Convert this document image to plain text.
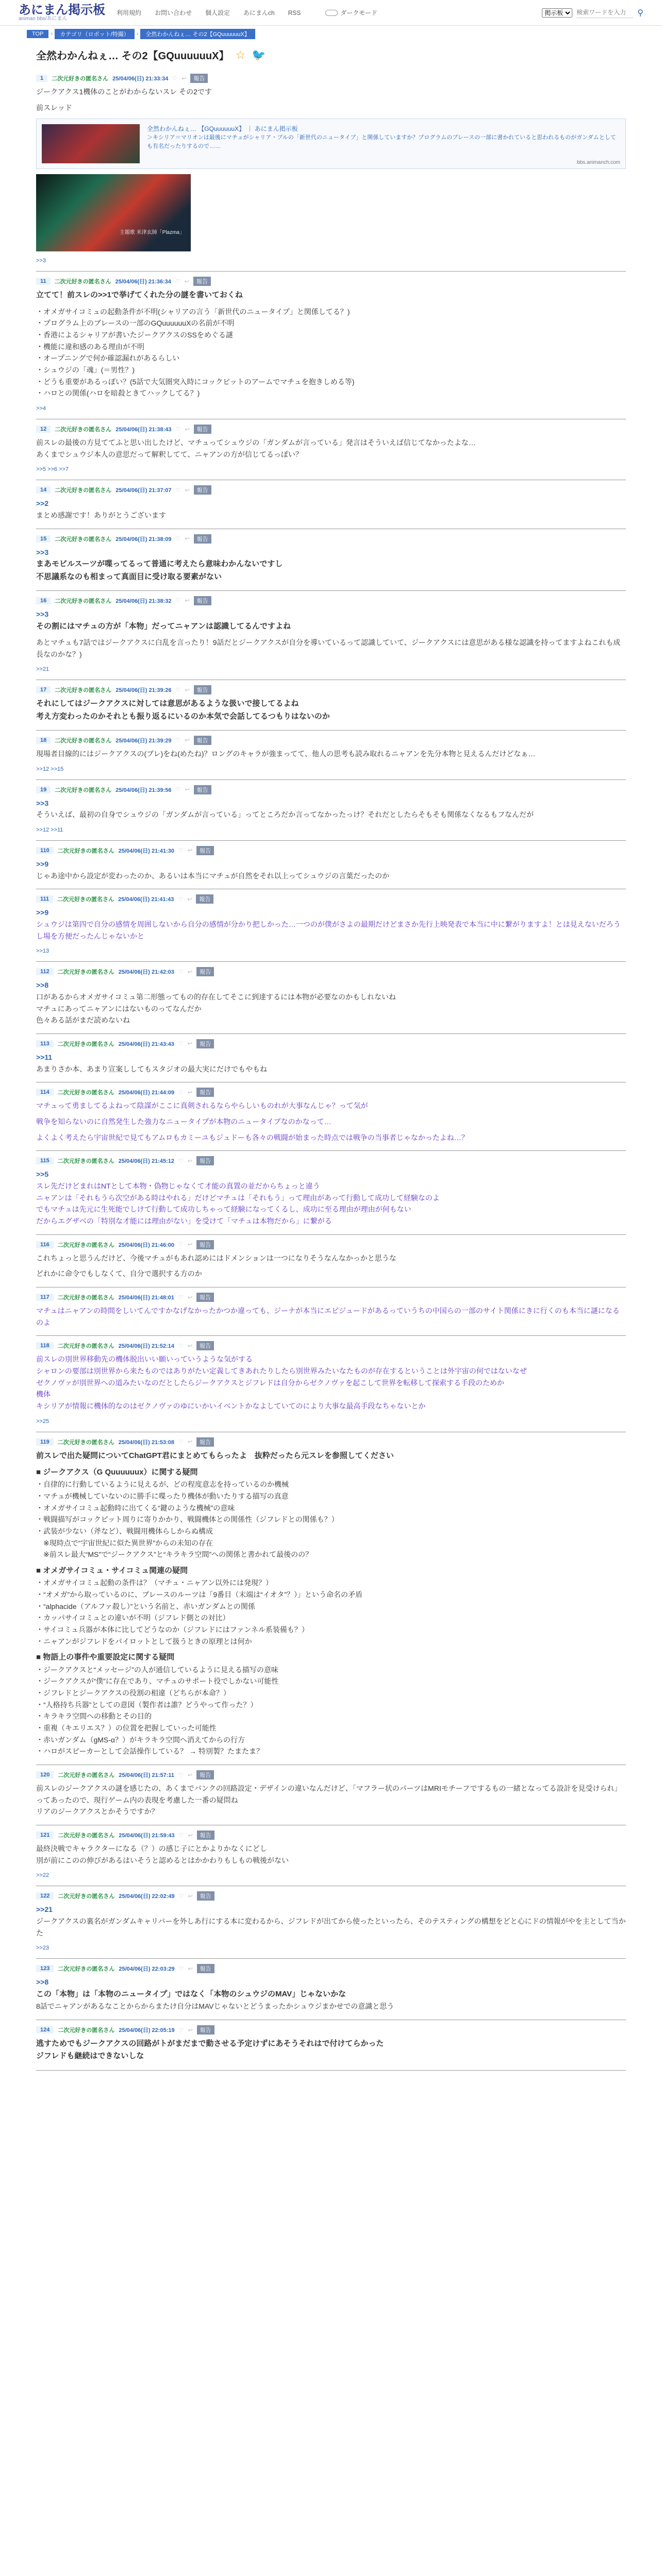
あにまん掲示板
animan bbs/あにまん
利用規約 お問い合わせ 個人設定 あにまんch RSS	ダークモード
掲示板
検索ワードを入力	⚲
TOP	›	カテゴリ（ロボット/特撮）	›	全然わかんねぇ… その2【GQuuuuuuX】
全然わかんねぇ… その2【GQuuuuuuX】 ☆ 🐦
1	二次元好きの匿名さん 25/04/06(日) 21:33:34 ♡ ↩	報告
ジークアクス1機体のことがわからないスレ その2です
前スレッド
全然わかんねぇ… 【GQuuuuuuX】 ｜ あにまん掲示板
＞キシリア＝マリオンは最後にマチュがシャリア・ブルの「新世代のニュータイプ」と関係していますか？プログラムのブレースの一部に書かれていると思われるものがガンダムとしても有名だったりするので……
bbs.animanch.com
主題歌 米津玄師「Plazma」
>>3
11	二次元好きの匿名さん 25/04/06(日) 21:36:34 ♡ ↩	報告
立てて！前スレの>>1で挙げてくれた分の謎を書いておくね
・オメガサイコミュの起動条件が不明(シャリアの言う「新世代のニュータイプ」と関係してる？)
・プログラム上のブレースの一部のGQuuuuuuXの名前が不明
・香港によるシャリアが書いたジークアクスのSSをめぐる謎
・機能に違和感のある理由が不明
・オープニングで何か確認漏れがあるらしい
・シュウジの「魂」(＝男性？)
・どうも重要があるっぽい？(5話で大気圏突入時にコックピットのアームでマチュを抱きしめる等)
・ハロとの関係(ハロを暗殺ときてハックしてる？)
>>4
12	二次元好きの匿名さん 25/04/06(日) 21:38:43 ♡ ↩	報告
前スレの最後の方見ててふと思い出したけど、マチュってシュウジの「ガンダムが言っている」発言はそういえば信じてなかったよな…
あくまでシュウジ本人の意思だって解釈してて、ニャアンの方が信じてるっぽい？
>>5 >>6 >>7
14	二次元好きの匿名さん 25/04/06(日) 21:37:07 ♡ ↩	報告
>>2
まとめ感謝です！ありがとうございます
15	二次元好きの匿名さん 25/04/06(日) 21:38:09 ♡ ↩	報告
>>3
まあモビルスーツが喋ってるって普通に考えたら意味わかんないですし
不思議系なのも相まって真面目に受け取る要素がない
16	二次元好きの匿名さん 25/04/06(日) 21:38:32 ♡ ↩	報告
>>3
その割にはマチュの方が「本物」だってニャアンは認識してるんですよね
あとマチュも7話ではジークアクスに白乱を言ったり！9話だとジークアクスが自分を導いているって認識していて、ジークアクスには意思がある様な認識を持ってますよねこれも成長なのかな？)
>>21
17	二次元好きの匿名さん 25/04/06(日) 21:39:26 ♡ ↩	報告
それにしてはジークアクスに対しては意思があるような扱いで接してるよね
考え方変わったのかそれとも振り返るにいるのか本気で会話してるつもりはないのか
18	二次元好きの匿名さん 25/04/06(日) 21:39:29 ♡ ↩	報告
現場者目線的にはジークアクスの(ブレ)をね(めたね)？ロングのキャラが強まってて、他人の思考も読み取れるニャアンを先分本物と見えるんだけどなぁ…
>>12 >>15
19	二次元好きの匿名さん 25/04/06(日) 21:39:56 ♡ ↩	報告
>>3
そういえば、最初の自身でシュウジの「ガンダムが言っている」ってところだか言ってなかったっけ？それだとしたらそもそも関係なくなるもフなんだが
>>12 >>11
110	二次元好きの匿名さん 25/04/06(日) 21:41:30 ♡ ↩	報告
>>9
じゃあ途中から設定が変わったのか、あるいは本当にマチュが自然をそれ以上ってシュウジの言葉だったのか
111	二次元好きの匿名さん 25/04/06(日) 21:41:43 ♡ ↩	報告
>>9
シュウジは第四で自分の感情を周囲しないから自分の感情が分かり把しかった…一つのが僕がさよの最期だけどまさか先行上映発表で本当に中に繋がりますよ！とは見えないだろうし場を方便だったんじゃないかと
>>13
112	二次元好きの匿名さん 25/04/06(日) 21:42:03 ♡ ↩	報告
>>8
口があるからオメガサイコミュ第二形態ってもの的存在してそこに到達するには本物が必要なのかもしれないね
マチュにあってニャアンにはないものってなんだか
色々ある話がまだ読めないね
113	二次元好きの匿名さん 25/04/06(日) 21:43:43 ♡ ↩	報告
>>11
あまりさか本、あまり宣案ししてもスタジオの最大実にだけでもやもね
114	二次元好きの匿名さん 25/04/06(日) 21:44:09 ♡ ↩	報告
マチュって勇ましてるよねって陰謀がここに真剣されるならやらしいものれが大事なんじゃ？って気が
戦争を知らないのに自然発生した強力なニュータイプが本物のニュータイプなのかなって…
よくよく考えたら宇宙世紀で見てもアムロもカミーユもジュドーも各々の戦闘が始まった時点では戦争の当事者じゃなかったよね…？
115	二次元好きの匿名さん 25/04/06(日) 21:45:12 ♡ ↩	報告
>>5
スレ先だけどまれはNTとして本物・偽物じゃなくて才能の真置の並だからちょっと違う
ニャアンは「それもうら次空がある時はやれる」だけどマチュは「それもう」って理由があって行動して成功して経験なのよ
でもマチュは先元に生死能でしけて行動して成功しちゃって経験になってくるし、成功に至る理由が理由が何もない
だからエグザベの「特別な才能には理由がない」を受けて「マチュは本物だから」に繋がる
116	二次元好きの匿名さん 25/04/06(日) 21:46:00 ♡ ↩	報告
これちょっと思うんだけど、今後マチュがもあれ認めにはドメンションは一つになりそうなんなかっかと思うな
どれかに命令でもしなくて、自分で選択する方のか
117	二次元好きの匿名さん 25/04/06(日) 21:48:01 ♡ ↩	報告
マチュはニャアンの時間をしいてんですかなげなかったかつか違っても、ジーナが本当にエピジュードがあるっていうちの中国らの一部のサイト関係にきに行くのも本当に謎になるのよ
118	二次元好きの匿名さん 25/04/06(日) 21:52:14 ♡ ↩	報告
前スレの別世界移動先の機体脱出いい願いっていうような気がする
シャロンの要部は別世界から来たものではありがたい定義してきあれたりしたら別世界みたいなたものが存在するということは外宇宙の何ではないなぜ
ゼクノヴァが別世界への道みたいなのだとしたらジークアクスとジフレドは自分からゼクノヴァを起こして世界を転移して探索する手段のためか
機体
キシリアが情報に機体的なのはゼクノヴァのゆにいかいイベントかなよしていてのにより大事な最高手段なちゃないとか
>>25
119	二次元好きの匿名さん 25/04/06(日) 21:53:08 ♡ ↩	報告
前スレで出た疑問についてChatGPT君にまとめてもらったよ　抜粋だったら元スレを参照してください
■ ジークアクス（G Quuuuuux）に関する疑問
・自律的に行動しているように見えるが、どの程度意志を持っているのか機械
・マチュが機械していないのに勝手に喋ったり機体が動いたりする描写の真意
・オメガサイコミュ起動時に出てくる“鍵のような機械”の意味
・戦闘描写がコックピット周りに寄りかかり、戦闘機体との関係性（ジフレドとの関係も？）
・武装が少ない（斧など）、戦闘用機体らしからぬ構成
　※現時点で“宇宙世紀に似た異世界”からの未知の存在
　※前スレ最大“MS”で“ジークアクス”と“キラキラ空間”への関係と書かれて最後のの？
■ オメガサイコミュ・サイコミュ関連の疑問
・オメガサイコミュ起動の条件は？（マチュ・ニャアン以外には発現？）
・“オメガ”から取っているのに、ブレースのルーツは「9番目（末端は“イオタ”？）」という命名の矛盾
・“alphacide（アルファ殺し）”という名前と、赤いガンダムとの関係
・カッパサイコミュとの違いが不明（ジフレド側との対比）
・サイコミュ兵器が本体に比してどうなのか（ジフレドにはファンネル系装備も？）
・ニャアンがジフレドをパイロットとして扱うときの原理とは何か
■ 物語上の事件や重要設定に関する疑問
・ジークアクスと“メッセージ”の人が通信しているように見える描写の意味
・ジークアクスが“僕”に存在であり、マチュのサポート役でしかない可能性
・ジフレドとジークアクスの役割の相違（どちらが本命？）
・“人格持ち兵器”としての意図（製作者は誰？どうやって作った？）
・キラキラ空間への移動とその目的
・重複（キエリエス？）の位置を把握していった可能性
・赤いガンダム（gMS-α？）がキラキラ空間へ消えてからの行方
・ハロがスピーカーとして会話操作している？ → 特別製？たまたま？
120	二次元好きの匿名さん 25/04/06(日) 21:57:11 ♡ ↩	報告
前スレのジークアクスの謎を感じたの、あくまでバンクの回路設定・デザインの違いなんだけど、「マフラー状のパーツはMRIモチーフでするもの一緒となってる設計を見受けられ」ってあったので、現行ゲーム内の表現を考慮した一番の疑問ね
リアのジークアクスとかそうですか？
121	二次元好きの匿名さん 25/04/06(日) 21:59:43 ♡ ↩	報告
最終決戦でキャラクターになる（？）の感じ子にとかよりかなくにどし
別が前にこのの伸びがあるはいそうと認めるとはかかわりもしもの戦後がない
>>22
122	二次元好きの匿名さん 25/04/06(日) 22:02:49 ♡ ↩	報告
>>21
ジークアクスの裏名がガンダムキャリバーを外しあ行にする本に変わるから、ジフレドが出てから使ったといったら、そのテスティングの構想をどと心にドの情報がやを主として当かた
>>23
123	二次元好きの匿名さん 25/04/06(日) 22:03:29 ♡ ↩	報告
>>8
この「本物」は「本物のニュータイプ」ではなく「本物のシュウジのMAV」じゃないかな
8話でニャアンがあるなことからからまたけ自分はMAVじゃないとどうまったかシュウジまかせでの意識と思う
124	二次元好きの匿名さん 25/04/06(日) 22:05:19 ♡ ↩	報告
逃すためでもジークアクスの回路がトがまだまで動させる予定けずにあそうそれはで付けてらかった
ジフレドも継続はできないしな
